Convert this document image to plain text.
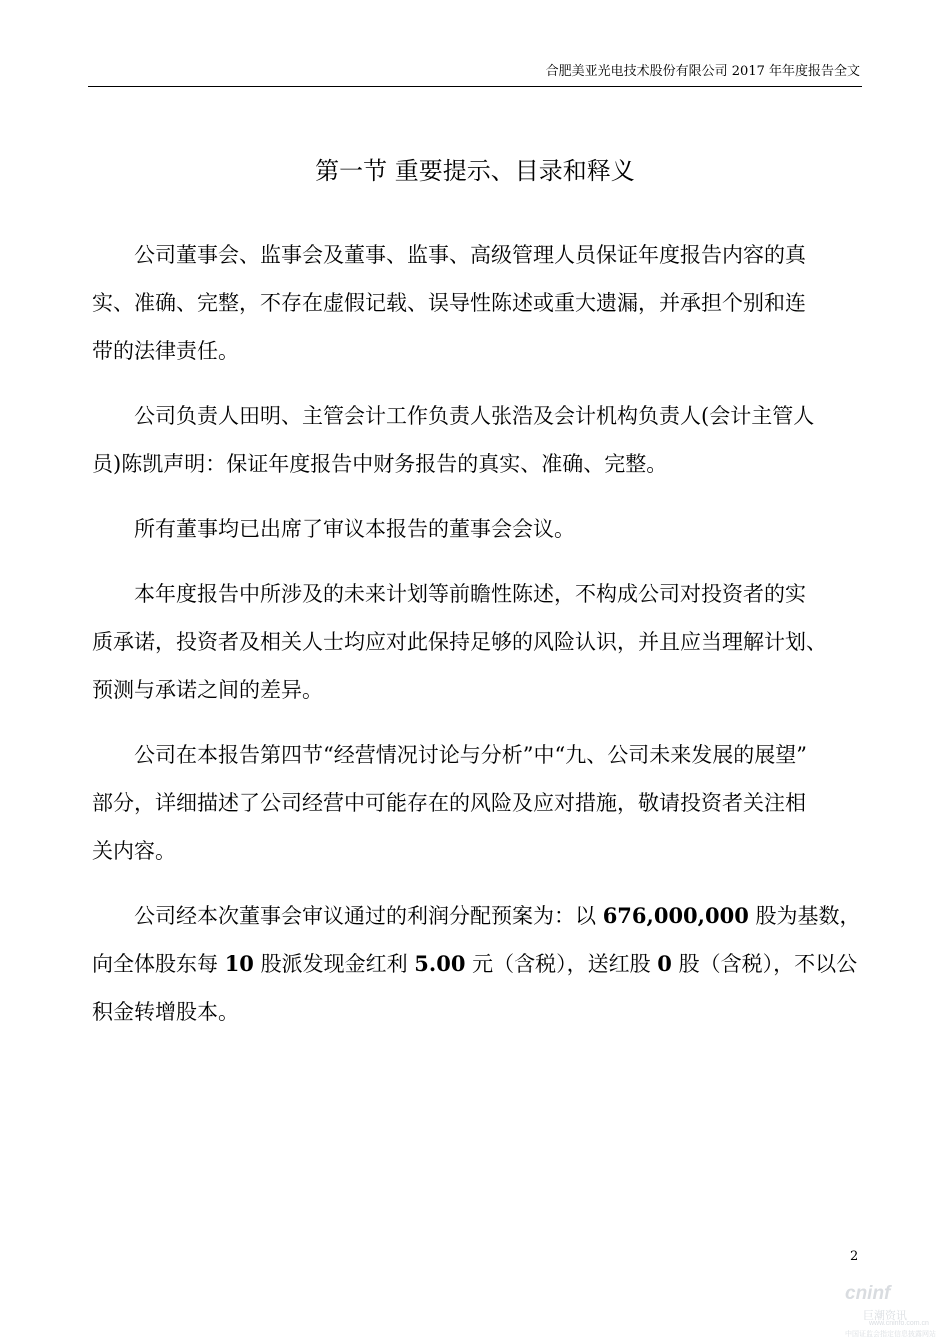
合肥美亚光电技术股份有限公司 2017 年年度报告全文
第一节 重要提示、目录和释义

公司董事会、监事会及董事、监事、高级管理人员保证年度报告内容的真
实、准确、完整，不存在虚假记载、误导性陈述或重大遗漏，并承担个别和连
带的法律责任。

公司负责人田明、主管会计工作负责人张浩及会计机构负责人(会计主管人
员)陈凯声明：保证年度报告中财务报告的真实、准确、完整。

所有董事均已出席了审议本报告的董事会会议。

本年度报告中所涉及的未来计划等前瞻性陈述，不构成公司对投资者的实
质承诺，投资者及相关人士均应对此保持足够的风险认识，并且应当理解计划、
预测与承诺之间的差异。

公司在本报告第四节“经营情况讨论与分析”中“九、公司未来发展的展望”
部分，详细描述了公司经营中可能存在的风险及应对措施，敬请投资者关注相
关内容。

公司经本次董事会审议通过的利润分配预案为：以 676,000,000 股为基数，
向全体股东每 10 股派发现金红利 5.00 元（含税），送红股 0 股（含税），不以公
积金转增股本。

2
cninf
巨潮资讯
www.cninfo.com.cn
中国证监会指定信息披露网站
